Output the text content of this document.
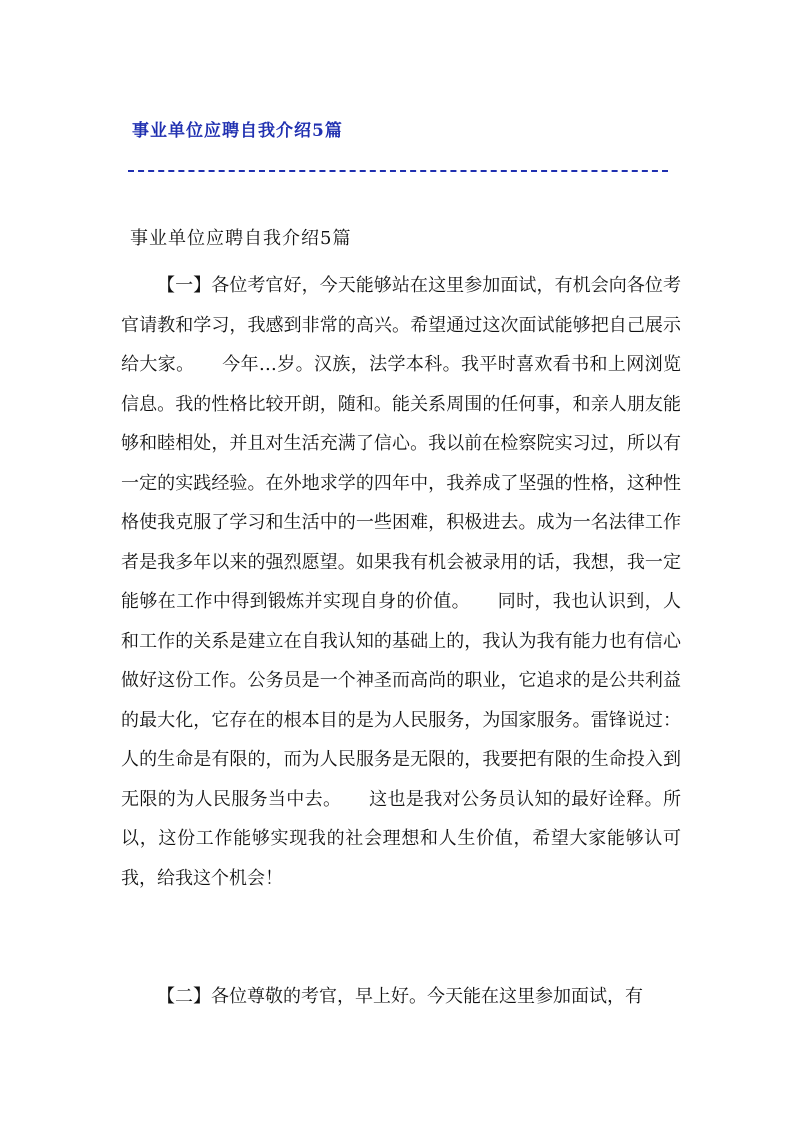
事业单位应聘自我介绍5篇
事业单位应聘自我介绍5篇

【一】各位考官好，今天能够站在这里参加面试，有机会向各位考官请教和学习，我感到非常的高兴。希望通过这次面试能够把自己展示给大家。　　今年…岁。汉族，法学本科。我平时喜欢看书和上网浏览信息。我的性格比较开朗，随和。能关系周围的任何事，和亲人朋友能够和睦相处，并且对生活充满了信心。我以前在检察院实习过，所以有一定的实践经验。在外地求学的四年中，我养成了坚强的性格，这种性格使我克服了学习和生活中的一些困难，积极进去。成为一名法律工作者是我多年以来的强烈愿望。如果我有机会被录用的话，我想，我一定能够在工作中得到锻炼并实现自身的价值。　　同时，我也认识到，人和工作的关系是建立在自我认知的基础上的，我认为我有能力也有信心做好这份工作。公务员是一个神圣而高尚的职业，它追求的是公共利益的最大化，它存在的根本目的是为人民服务，为国家服务。雷锋说过：人的生命是有限的，而为人民服务是无限的，我要把有限的生命投入到无限的为人民服务当中去。　　这也是我对公务员认知的最好诠释。所以，这份工作能够实现我的社会理想和人生价值，希望大家能够认可我，给我这个机会！

【二】各位尊敬的考官，早上好。今天能在这里参加面试，有
